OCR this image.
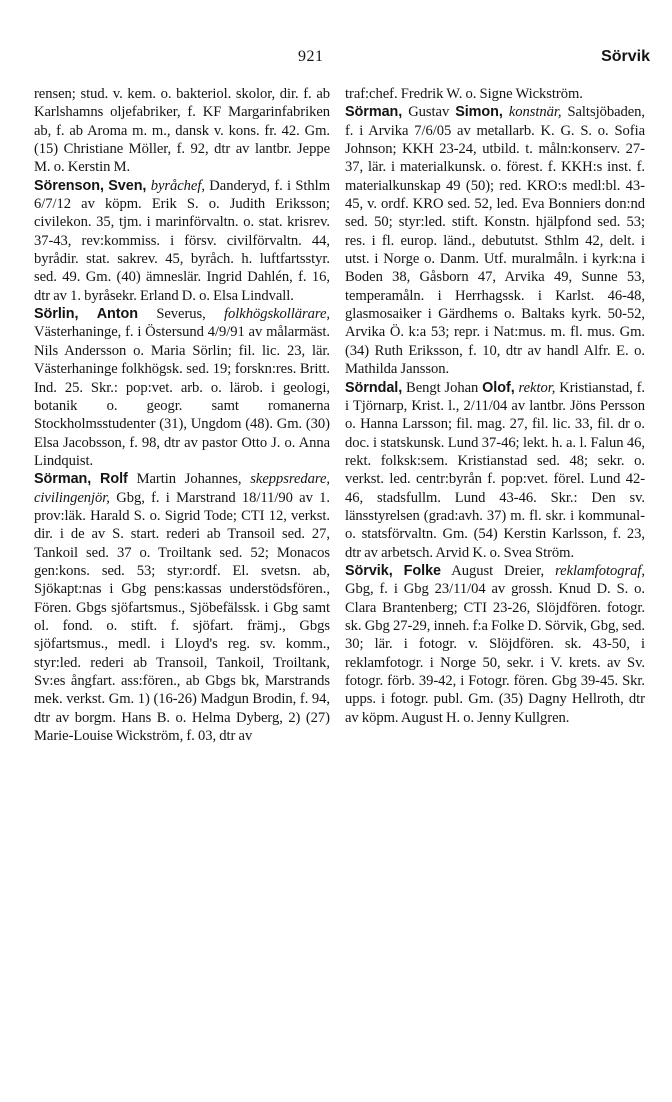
921	Sörvik

rensen; stud. v. kem. o. bakteriol. skolor, dir. f. ab Karlshamns oljefabriker, f. KF Margarinfabriken ab, f. ab Aroma m. m., dansk v. kons. fr. 42. Gm. (15) Christiane Möller, f. 92, dtr av lantbr. Jeppe M. o. Kerstin M.

Sörenson, Sven, byråchef, Danderyd, f. i Sthlm 6/7/12 av köpm. Erik S. o. Judith Eriksson; civilekon. 35, tjm. i marinförvaltn. o. stat. krisrev. 37-43, rev:kommiss. i försv. civilförvaltn. 44, byrådir. stat. sakrev. 45, byråch. h. luftfartsstyr. sed. 49. Gm. (40) ämneslär. Ingrid Dahlén, f. 16, dtr av 1. byråsekr. Erland D. o. Elsa Lindvall.

Sörlin, Anton Severus, folkhögskollärare, Västerhaninge, f. i Östersund 4/9/91 av målarmäst. Nils Andersson o. Maria Sörlin; fil. lic. 23, lär. Västerhaninge folkhögsk. sed. 19; forskn:res. Britt. Ind. 25. Skr.: pop:vet. arb. o. lärob. i geologi, botanik o. geogr. samt romanerna Stockholmsstudenter (31), Ungdom (48). Gm. (30) Elsa Jacobsson, f. 98, dtr av pastor Otto J. o. Anna Lindquist.

Sörman, Rolf Martin Johannes, skeppsredare, civilingenjör, Gbg, f. i Marstrand 18/11/90 av 1. prov:läk. Harald S. o. Sigrid Tode; CTI 12, verkst. dir. i de av S. start. rederi ab Transoil sed. 27, Tankoil sed. 37 o. Troiltank sed. 52; Monacos gen:kons. sed. 53; styr:ordf. El. svetsn. ab, Sjökapt:nas i Gbg pens:kassas understödsfören., Fören. Gbgs sjöfartsmus., Sjöbefälssk. i Gbg samt ol. fond. o. stift. f. sjöfart. främj., Gbgs sjöfartsmus., medl. i Lloyd's reg. sv. komm., styr:led. rederi ab Transoil, Tankoil, Troiltank, Sv:es ångfart. ass:fören., ab Gbgs bk, Marstrands mek. verkst. Gm. 1) (16-26) Madgun Brodin, f. 94, dtr av borgm. Hans B. o. Helma Dyberg, 2) (27) Marie-Louise Wickström, f. 03, dtr av

traf:chef. Fredrik W. o. Signe Wickström.

Sörman, Gustav Simon, konstnär, Saltsjöbaden, f. i Arvika 7/6/05 av metallarb. K. G. S. o. Sofia Johnson; KKH 23-24, utbild. t. måln:konserv. 27-37, lär. i materialkunsk. o. förest. f. KKH:s inst. f. materialkunskap 49 (50); red. KRO:s medl:bl. 43-45, v. ordf. KRO sed. 52, led. Eva Bonniers don:nd sed. 50; styr:led. stift. Konstn. hjälpfond sed. 53; res. i fl. europ. länd., debututst. Sthlm 42, delt. i utst. i Norge o. Danm. Utf. muralmåln. i kyrk:na i Boden 38, Gåsborn 47, Arvika 49, Sunne 53, temperamåln. i Herrhagssk. i Karlst. 46-48, glasmosaiker i Gärdhems o. Baltaks kyrk. 50-52, Arvika Ö. k:a 53; repr. i Nat:mus. m. fl. mus. Gm. (34) Ruth Eriksson, f. 10, dtr av handl Alfr. E. o. Mathilda Jansson.

Sörndal, Bengt Johan Olof, rektor, Kristianstad, f. i Tjörnarp, Krist. l., 2/11/04 av lantbr. Jöns Persson o. Hanna Larsson; fil. mag. 27, fil. lic. 33, fil. dr o. doc. i statskunsk. Lund 37-46; lekt. h. a. l. Falun 46, rekt. folksk:sem. Kristianstad sed. 48; sekr. o. verkst. led. centr:byrån f. pop:vet. förel. Lund 42-46, stadsfullm. Lund 43-46. Skr.: Den sv. länsstyrelsen (grad:avh. 37) m. fl. skr. i kommunal- o. statsförvaltn. Gm. (54) Kerstin Karlsson, f. 23, dtr av arbetsch. Arvid K. o. Svea Ström.

Sörvik, Folke August Dreier, reklamfotograf, Gbg, f. i Gbg 23/11/04 av grossh. Knud D. S. o. Clara Brantenberg; CTI 23-26, Slöjdfören. fotogr. sk. Gbg 27-29, inneh. f:a Folke D. Sörvik, Gbg, sed. 30; lär. i fotogr. v. Slöjdfören. sk. 43-50, i reklamfotogr. i Norge 50, sekr. i V. krets. av Sv. fotogr. förb. 39-42, i Fotogr. fören. Gbg 39-45. Skr. upps. i fotogr. publ. Gm. (35) Dagny Hellroth, dtr av köpm. August H. o. Jenny Kullgren.
